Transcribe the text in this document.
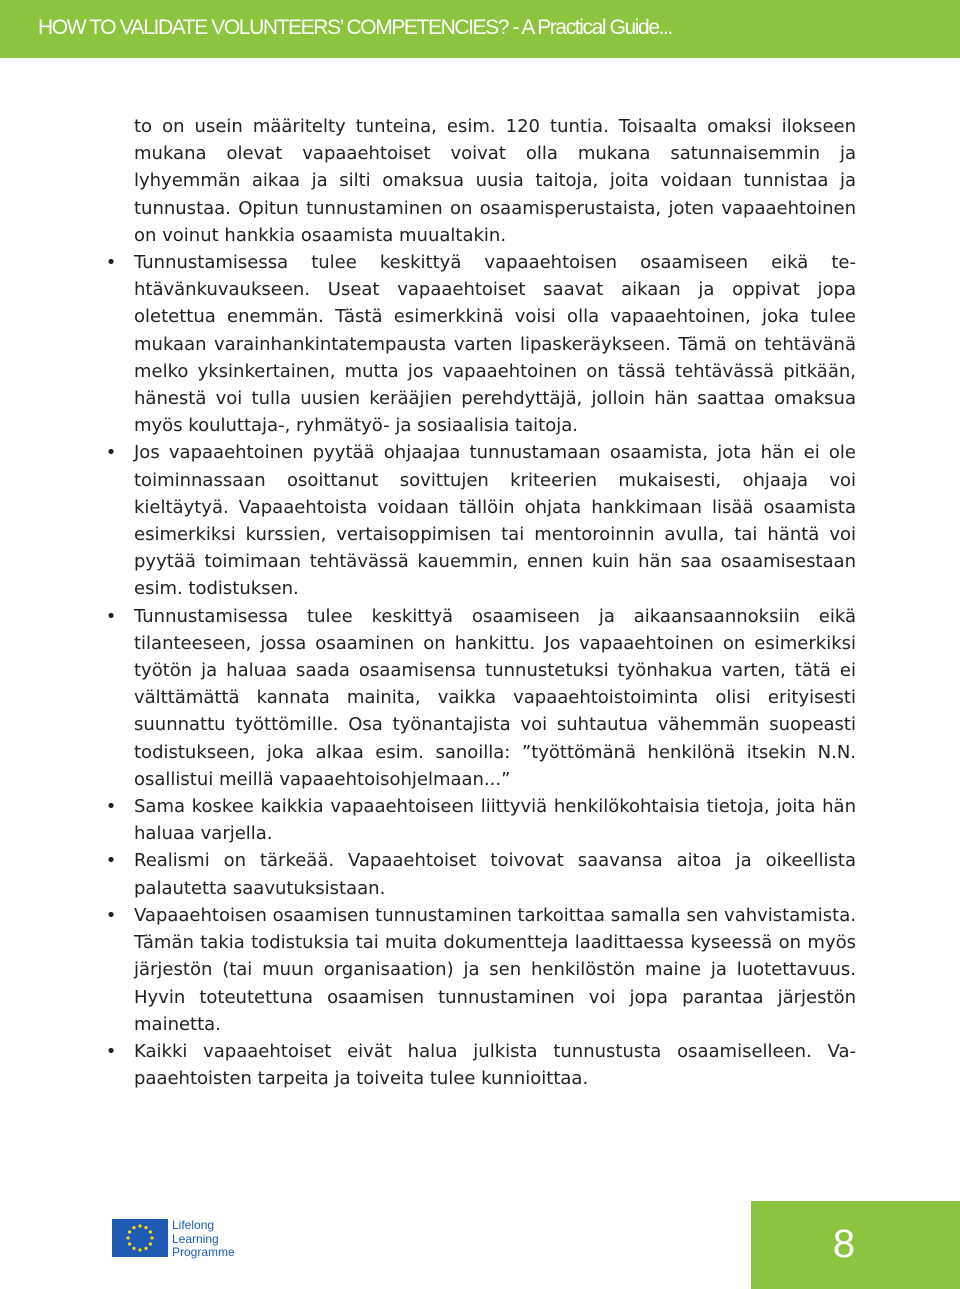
HOW TO VALIDATE VOLUNTEERS’ COMPETENCIES? - A Practical Guide...

to on usein määritelty tunteina, esim. 120 tuntia. Toisaalta omaksi ilokseen mukana olevat vapaaehtoiset voivat olla mukana satunnaisemmin ja lyhyemmän aikaa ja silti omaksua uusia taitoja, joita voidaan tunnistaa ja tunnustaa. Opitun tunnustaminen on osaamisperustaista, joten vapaaehtoinen on voinut hankkia osaamista muualtakin.

• Tunnustamisessa tulee keskittyä vapaaehtoisen osaamiseen eikä tehtävänkuvaukseen. Useat vapaaehtoiset saavat aikaan ja oppivat jopa oletettua enemmän. Tästä esimerkkinä voisi olla vapaaehtoinen, joka tulee mukaan varainhankintatempausta varten lipaskeräykseen. Tämä on tehtävänä melko yksinkertainen, mutta jos vapaaehtoinen on tässä tehtävässä pitkään, hänestä voi tulla uusien kerääjien perehdyttäjä, jolloin hän saattaa omaksua myös kouluttaja-, ryhmätyö- ja sosiaalisia taitoja.
• Jos vapaaehtoinen pyytää ohjaajaa tunnustamaan osaamista, jota hän ei ole toiminnassaan osoittanut sovittujen kriteerien mukaisesti, ohjaaja voi kieltäytyä. Vapaaehtoista voidaan tällöin ohjata hankkimaan lisää osaamista esimerkiksi kurssien, vertaisoppimisen tai mentoroinnin avulla, tai häntä voi pyytää toimimaan tehtävässä kauemmin, ennen kuin hän saa osaamisestaan esim. todistuksen.
• Tunnustamisessa tulee keskittyä osaamiseen ja aikaansaannoksiin eikä tilanteeseen, jossa osaaminen on hankittu. Jos vapaaehtoinen on esimerkiksi työtön ja haluaa saada osaamisensa tunnustetuksi työnhakua varten, tätä ei välttämättä kannata mainita, vaikka vapaaehtoistoiminta olisi erityisesti suunnattu työttömille. Osa työnantajista voi suhtautua vähemmän suopeasti todistukseen, joka alkaa esim. sanoilla: ”työttömänä henkilönä itsekin N.N. osallistui meillä vapaaehtoisohjelmaan...”
• Sama koskee kaikkia vapaaehtoiseen liittyviä henkilökohtaisia tietoja, joita hän haluaa varjella.
• Realismi on tärkeää. Vapaaehtoiset toivovat saavansa aitoa ja oikeellista palautetta saavutuksistaan.
• Vapaaehtoisen osaamisen tunnustaminen tarkoittaa samalla sen vahvistamista. Tämän takia todistuksia tai muita dokumentteja laadittaessa kyseessä on myös järjestön (tai muun organisaation) ja sen henkilöstön maine ja luotettavuus. Hyvin toteutettuna osaamisen tunnustaminen voi jopa parantaa järjestön mainetta.
• Kaikki vapaaehtoiset eivät halua julkista tunnustusta osaamiselleen. Vapaaehtoisten tarpeita ja toiveita tulee kunnioittaa.
Lifelong
Learning
Programme	8
